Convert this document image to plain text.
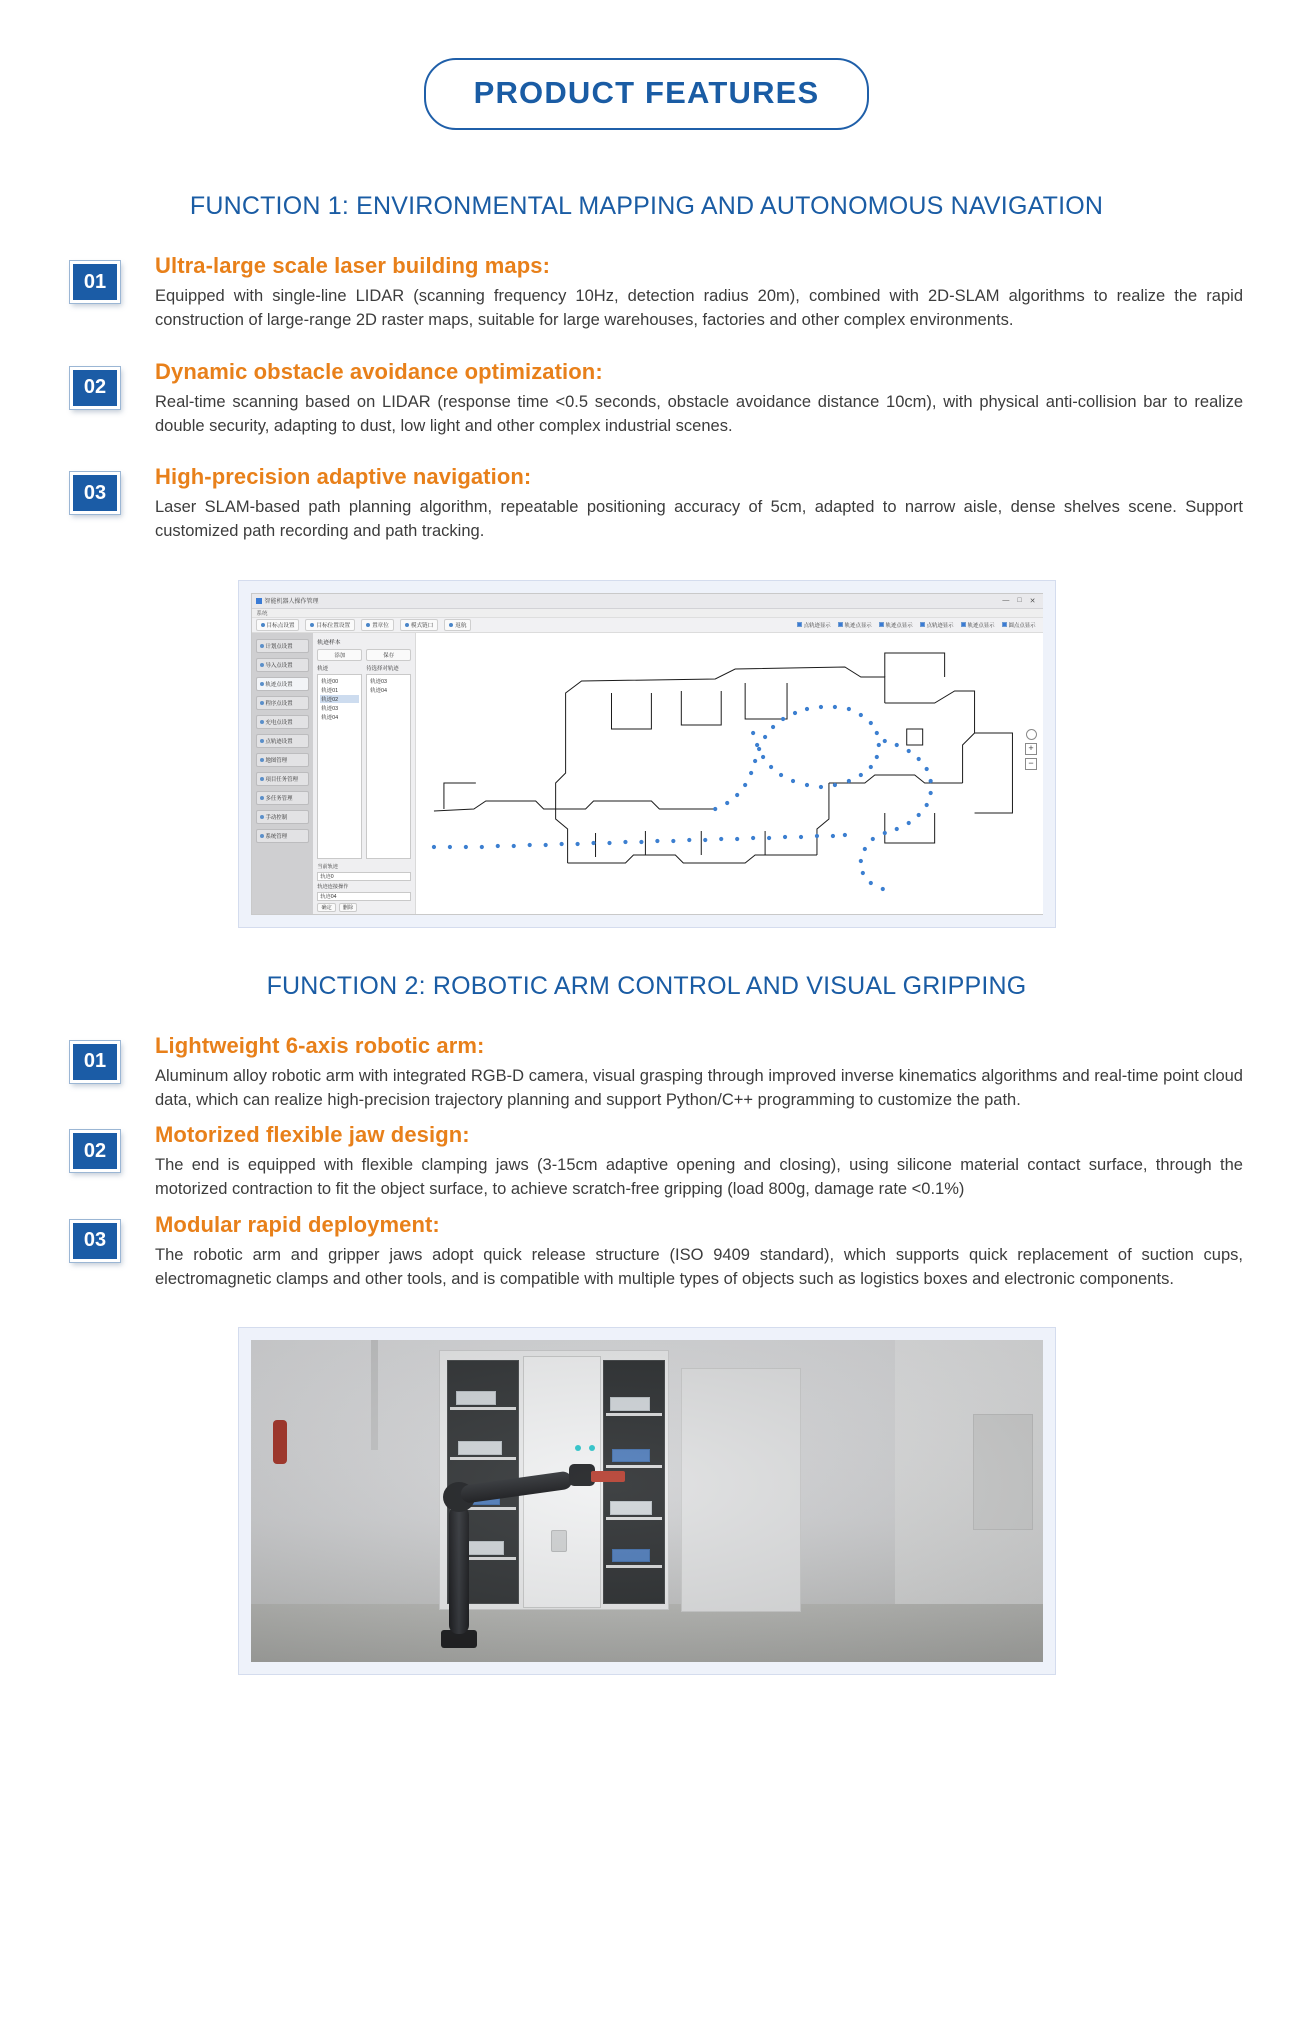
PRODUCT FEATURES
FUNCTION 1: ENVIRONMENTAL MAPPING AND AUTONOMOUS NAVIGATION
01

Ultra-large scale laser building maps:

Equipped with single-line LIDAR (scanning frequency 10Hz, detection radius 20m), combined with 2D-SLAM algorithms to realize the rapid construction of large-range 2D raster maps, suitable for large warehouses, factories and other complex environments.

02

Dynamic obstacle avoidance optimization:

Real-time scanning based on LIDAR (response time <0.5 seconds, obstacle avoidance distance 10cm), with physical anti-collision bar to realize double security, adapting to dust, low light and other complex industrial scenes.

03

High-precision adaptive navigation:

Laser SLAM-based path planning algorithm, repeatable positioning accuracy of 5cm, adapted to narrow aisle, dense shelves scene. Support customized path recording and path tracking.

智能机器人操作管理	— □ ✕
系统
目标点设置	目标位置设置	置章位	模式链口	返航	点轨迹显示	轨迹点显示	轨迹点显示	点轨迹显示	轨迹点显示	圆点点显示
计划点设置
导入点设置
轨迹点设置
程序点设置
充电点设置
点轨迹设置
地图管理
项目任务管理
多任务管理
手动控制
系统管理
轨迹样本
添加	保存
轨迹
轨迹00
轨迹01
轨迹02
轨迹03
轨迹04
待选择对轨迹
轨迹03
轨迹04
当前轨迹
轨迹0
轨迹连接操作
轨迹04
确定	删除
+
−
FUNCTION 2: ROBOTIC ARM CONTROL AND VISUAL GRIPPING
01

Lightweight 6-axis robotic arm:

Aluminum alloy robotic arm with integrated RGB-D camera, visual grasping through improved inverse kinematics algorithms and real-time point cloud data, which can realize high-precision trajectory planning and support Python/C++ programming to customize the path.

02

Motorized flexible jaw design:

The end is equipped with flexible clamping jaws (3-15cm adaptive opening and closing), using silicone material contact surface, through the motorized contraction to fit the object surface, to achieve scratch-free gripping (load 800g, damage rate <0.1%)

03

Modular rapid deployment:

The robotic arm and gripper jaws adopt quick release structure (ISO 9409 standard), which supports quick replacement of suction cups, electromagnetic clamps and other tools, and is compatible with multiple types of objects such as logistics boxes and electronic components.
